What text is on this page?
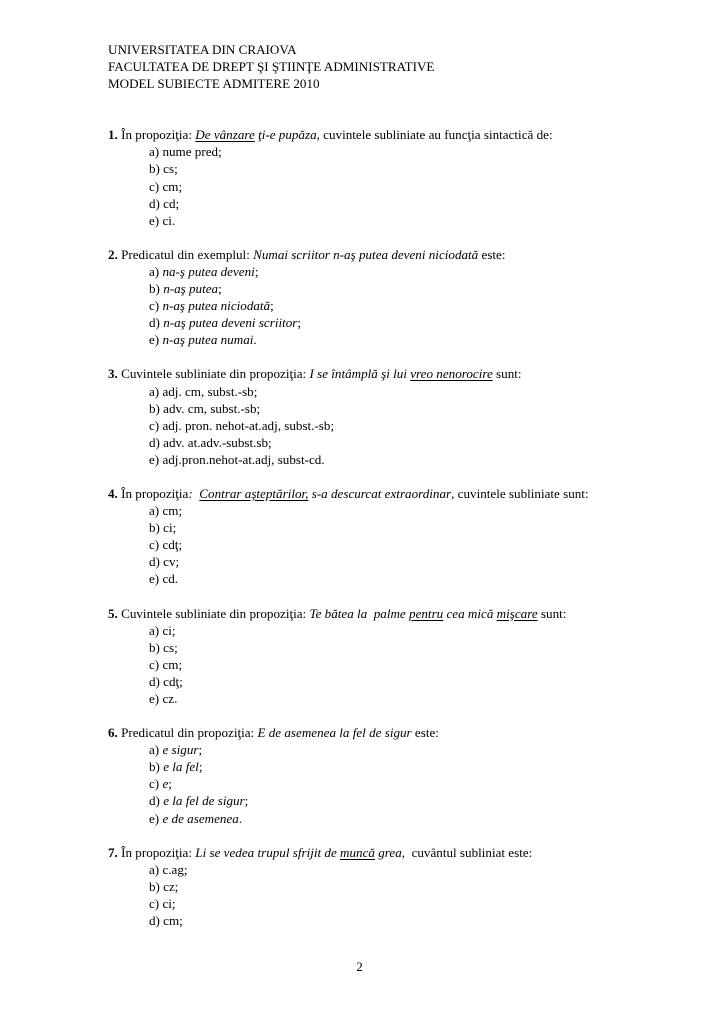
UNIVERSITATEA DIN CRAIOVA
FACULTATEA DE DREPT ŞI ŞTIINŢE ADMINISTRATIVE
MODEL SUBIECTE ADMITERE 2010
1. În propoziţia: De vânzare ţi-e pupăza, cuvintele subliniate au funcţia sintactică de:
a) nume pred;
b) cs;
c) cm;
d) cd;
e) ci.
2. Predicatul din exemplul: Numai scriitor n-aş putea deveni niciodată este:
a) na-ş putea deveni;
b) n-aş putea;
c) n-aş putea niciodată;
d) n-aş putea deveni scriitor;
e) n-aş putea numai.
3. Cuvintele subliniate din propoziţia: I se întâmplă şi lui vreo nenorocire sunt:
a) adj. cm, subst.-sb;
b) adv. cm, subst.-sb;
c) adj. pron. nehot-at.adj, subst.-sb;
d) adv. at.adv.-subst.sb;
e) adj.pron.nehot-at.adj, subst-cd.
4. În propoziţia:  Contrar aşteptărilor, s-a descurcat extraordinar, cuvintele subliniate sunt:
a) cm;
b) ci;
c) cdţ;
d) cv;
e) cd.
5. Cuvintele subliniate din propoziţia: Te bătea la  palme pentru cea mică mişcare sunt:
a) ci;
b) cs;
c) cm;
d) cdţ;
e) cz.
6. Predicatul din propoziţia: E de asemenea la fel de sigur este:
a) e sigur;
b) e la fel;
c) e;
d) e la fel de sigur;
e) e de asemenea.
7. În propoziţia: Li se vedea trupul sfrijit de muncă grea,  cuvântul subliniat este:
a) c.ag;
b) cz;
c) ci;
d) cm;
2
